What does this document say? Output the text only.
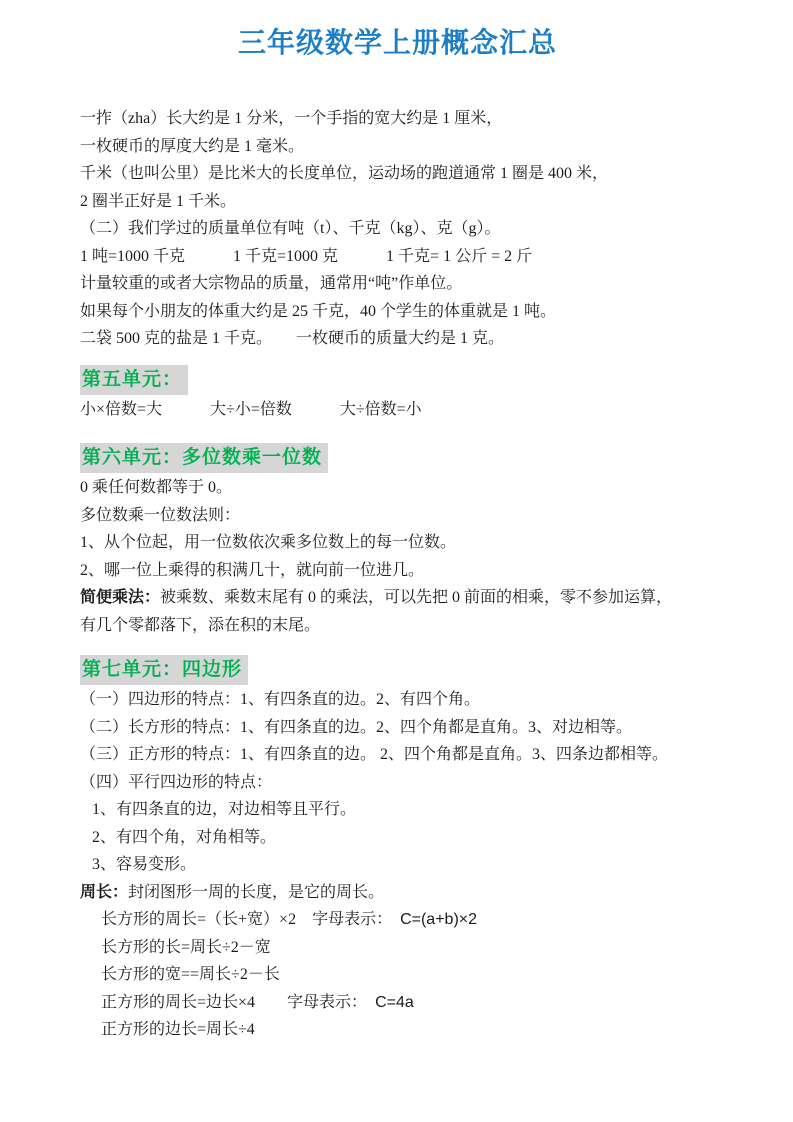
三年级数学上册概念汇总
一拃（zha）长大约是 1 分米，一个手指的宽大约是 1 厘米，
一枚硬币的厚度大约是 1 毫米。
千米（也叫公里）是比米大的长度单位，运动场的跑道通常 1 圈是 400 米，
2 圈半正好是 1 千米。
（二）我们学过的质量单位有吨（t）、千克（kg）、克（g）。
1 吨=1000 千克　　　1 千克=1000 克　　　1 千克= 1 公斤 = 2 斤
计量较重的或者大宗物品的质量，通常用“吨”作单位。
如果每个小朋友的体重大约是 25 千克，40 个学生的体重就是 1 吨。
二袋 500 克的盐是 1 千克。　　一枚硬币的质量大约是 1 克。
第五单元：
小×倍数=大　　　大÷小=倍数　　　大÷倍数=小
第六单元：多位数乘一位数
0 乘任何数都等于 0。
多位数乘一位数法则：
1、从个位起，用一位数依次乘多位数上的每一位数。
2、哪一位上乘得的积满几十，就向前一位进几。
简便乘法：被乘数、乘数末尾有 0 的乘法，可以先把 0 前面的相乘，零不参加运算，
有几个零都落下，添在积的末尾。
第七单元：四边形
（一）四边形的特点：1、有四条直的边。2、有四个角。
（二）长方形的特点：1、有四条直的边。2、四个角都是直角。3、对边相等。
（三）正方形的特点：1、有四条直的边。 2、四个角都是直角。3、四条边都相等。
（四）平行四边形的特点：
1、有四条直的边，对边相等且平行。
2、有四个角，对角相等。
3、容易变形。
周长：封闭图形一周的长度，是它的周长。
长方形的周长=（长+宽）×2　字母表示：　C=(a+b)×2
长方形的长=周长÷2－宽
长方形的宽==周长÷2－长
正方形的周长=边长×4　　字母表示：　C=4a
正方形的边长=周长÷4
